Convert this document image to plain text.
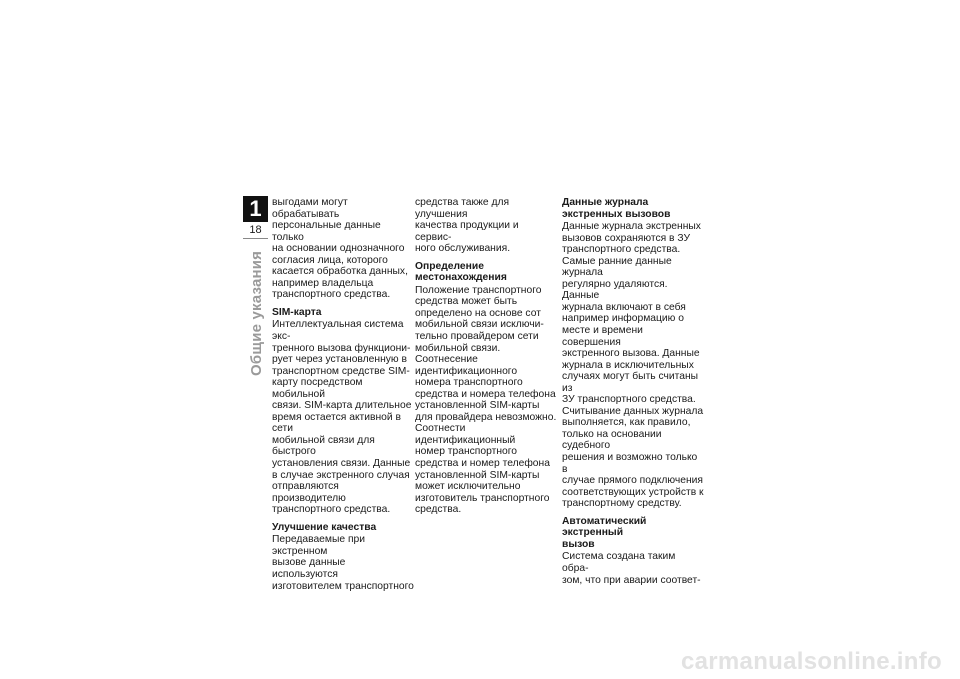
1
18
Общие указания

выгодами могут обрабатывать
персональные данные только
на основании однозначного
согласия лица, которого
касается обработка данных,
например владельца
транспортного средства.

SIM-карта

Интеллектуальная система экс-
тренного вызова функциони-
рует через установленную в
транспортном средстве SIM-
карту посредством мобильной
связи. SIM-карта длительное
время остается активной в сети
мобильной связи для быстрого
установления связи. Данные
в случае экстренного случая
отправляются производителю
транспортного средства.

Улучшение качества

Передаваемые при экстренном
вызове данные используются
изготовителем транспортного

средства также для улучшения
качества продукции и сервис-
ного обслуживания.

Определение
местонахождения

Положение транспортного
средства может быть
определено на основе сот
мобильной связи исключи-
тельно провайдером сети
мобильной связи. Соотнесение
идентификационного
номера транспортного
средства и номера телефона
установленной SIM-карты
для провайдера невозможно.
Соотнести идентификационный
номер транспортного
средства и номер телефона
установленной SIM-карты
может исключительно
изготовитель транспортного
средства.

Данные журнала
экстренных вызовов

Данные журнала экстренных
вызовов сохраняются в ЗУ
транспортного средства.
Самые ранние данные журнала
регулярно удаляются. Данные
журнала включают в себя
например информацию о
месте и времени совершения
экстренного вызова. Данные
журнала в исключительных
случаях могут быть считаны из
ЗУ транспортного средства.
Считывание данных журнала
выполняется, как правило,
только на основании судебного
решения и возможно только в
случае прямого подключения
соответствующих устройств к
транспортному средству.

Автоматический экстренный
вызов

Система создана таким обра-
зом, что при аварии соответ-

carmanualsonline.info
